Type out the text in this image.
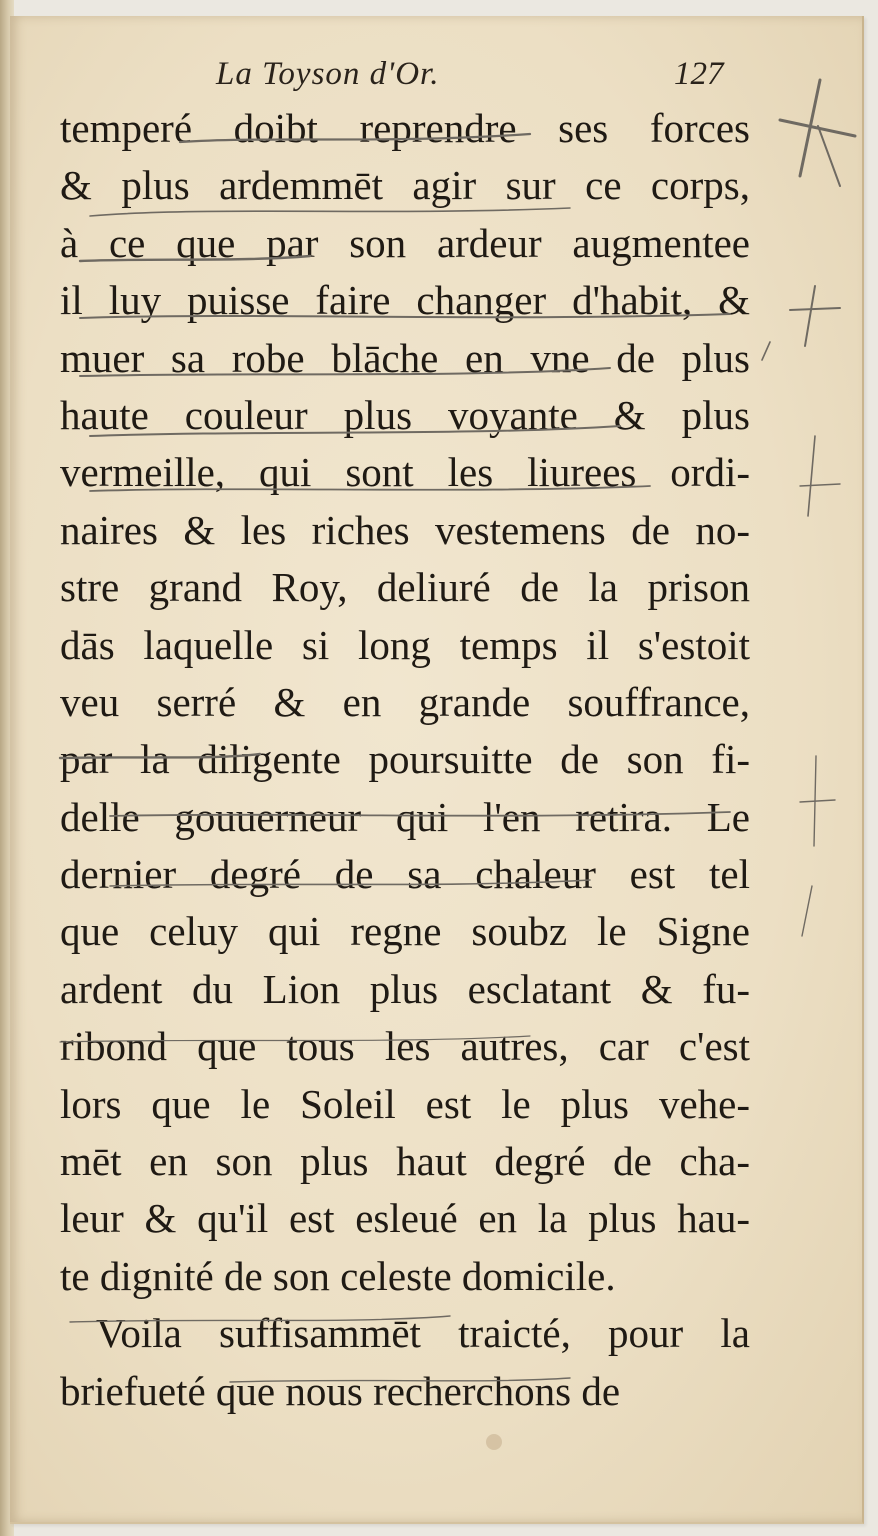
La Toyson d'Or.	127
temperé doibt reprendre ses forces
& plus ardemmēt agir sur ce corps,
à ce que par son ardeur augmentee
il luy puisse faire changer d'habit, &
muer sa robe blāche en vne de plus
haute couleur plus voyante & plus
vermeille, qui sont les liurees ordi-
naires & les riches vestemens de no-
stre grand Roy, deliuré de la prison
dās laquelle si long temps il s'estoit
veu serré & en grande souffrance,
par la diligente poursuitte de son fi-
delle gouuerneur qui l'en retira. Le
dernier degré de sa chaleur est tel
que celuy qui regne soubz le Signe
ardent du Lion plus esclatant & fu-
ribond que tous les autres, car c'est
lors que le Soleil est le plus vehe-
mēt en son plus haut degré de cha-
leur & qu'il est esleué en la plus hau-
te dignité de son celeste domicile.
Voila suffisammēt traicté, pour la
briefueté que nous recherchons de
